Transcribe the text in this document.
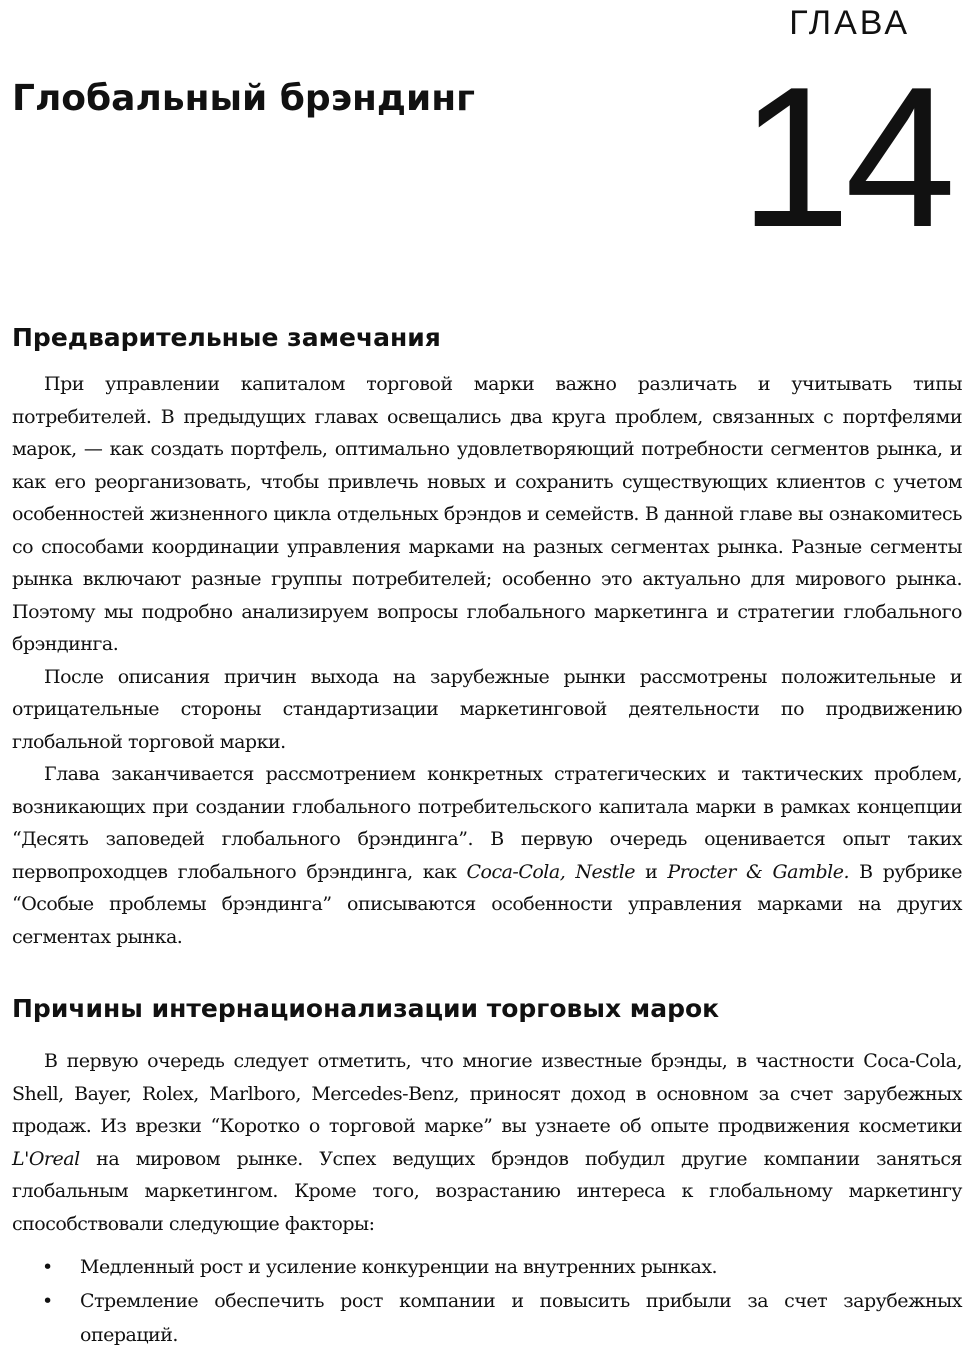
ГЛАВА
14
Глобальный брэндинг
Предварительные замечания

При управлении капиталом торговой марки важно различать и учитывать типы потребителей. В предыдущих главах освещались два круга проблем, связанных с портфелями марок, — как создать портфель, оптимально удовлетворяющий потребности сегментов рынка, и как его реорганизовать, чтобы привлечь новых и сохранить существующих клиентов с учетом особенностей жизненного цикла отдельных брэндов и семейств. В данной главе вы ознакомитесь со способами координации управления марками на разных сегментах рынка. Разные сегменты рынка включают разные группы потребителей; особенно это актуально для мирового рынка. Поэтому мы подробно анализируем вопросы глобального маркетинга и стратегии глобального брэндинга.

После описания причин выхода на зарубежные рынки рассмотрены положительные и отрицательные стороны стандартизации маркетинговой деятельности по продвижению глобальной торговой марки.

Глава заканчивается рассмотрением конкретных стратегических и тактических проблем, возникающих при создании глобального потребительского капитала марки в рамках концепции “Десять заповедей глобального брэндинга”. В первую очередь оценивается опыт таких первопроходцев глобального брэндинга, как Coca-Cola, Nestle и Procter & Gamble. В рубрике “Особые проблемы брэндинга” описываются особенности управления марками на других сегментах рынка.

Причины интернационализации торговых марок

В первую очередь следует отметить, что многие известные брэнды, в частности Coca-Cola, Shell, Bayer, Rolex, Marlboro, Mercedes-Benz, приносят доход в основном за счет зарубежных продаж. Из врезки “Коротко о торговой марке” вы узнаете об опыте продвижения косметики L'Oreal на мировом рынке. Успех ведущих брэндов побудил другие компании заняться глобальным маркетингом. Кроме того, возрастанию интереса к глобальному маркетингу способствовали следующие факторы:

• Медленный рост и усиление конкуренции на внутренних рынках.
• Стремление обеспечить рост компании и повысить прибыли за счет зарубежных операций.
